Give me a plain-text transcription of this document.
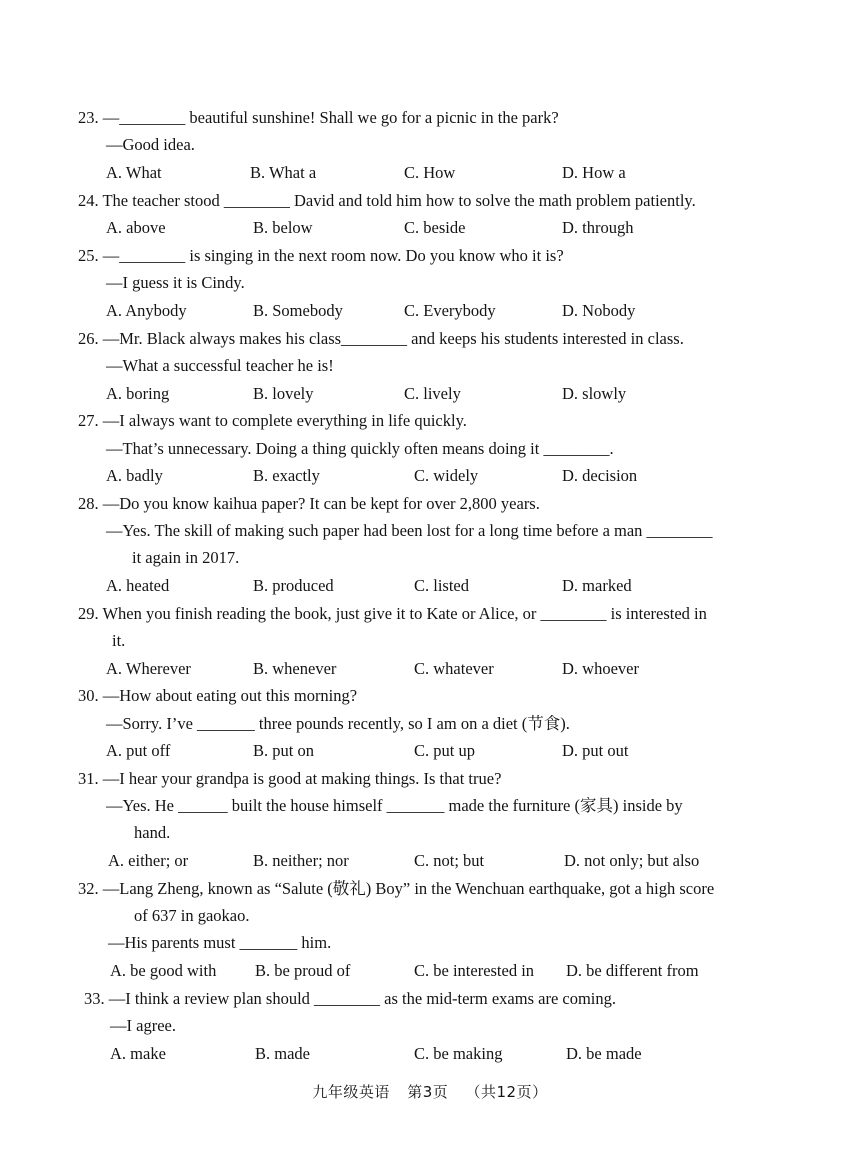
23. —________ beautiful sunshine! Shall we go for a picnic in the park?
—Good idea.
A. What	B. What a	C. How	D. How a
24. The teacher stood ________ David and told him how to solve the math problem patiently.
A. above	B. below	C. beside	D. through
25. —________ is singing in the next room now. Do you know who it is?
—I guess it is Cindy.
A. Anybody	B. Somebody	C. Everybody	D. Nobody
26. —Mr. Black always makes his class________ and keeps his students interested in class.
—What a successful teacher he is!
A. boring	B. lovely	C. lively	D. slowly
27. —I always want to complete everything in life quickly.
—That’s unnecessary. Doing a thing quickly often means doing it ________.
A. badly	B. exactly	C. widely	D. decision
28. —Do you know kaihua paper? It can be kept for over 2,800 years.
—Yes. The skill of making such paper had been lost for a long time before a man ________
it again in 2017.
A. heated	B. produced	C. listed	D. marked
29. When you finish reading the book, just give it to Kate or Alice, or ________ is interested in
it.
A. Wherever	B. whenever	C. whatever	D. whoever
30. —How about eating out this morning?
—Sorry. I’ve _______ three pounds recently, so I am on a diet (节食).
A. put off	B. put on	C. put up	D. put out
31. —I hear your grandpa is good at making things. Is that true?
—Yes. He ______ built the house himself _______ made the furniture (家具) inside by
hand.
A. either; or	B. neither; nor	C. not; but	D. not only; but also
32. —Lang Zheng, known as “Salute (敬礼) Boy” in the Wenchuan earthquake, got a high score
of 637 in gaokao.
—His parents must _______ him.
A. be good with B. be proud of	C. be interested in D. be different from
33. —I think a review plan should ________ as the mid-term exams are coming.
—I agree.
A. make	B. made	C. be making	D. be made
九年级英语 第3页 （共12页）
